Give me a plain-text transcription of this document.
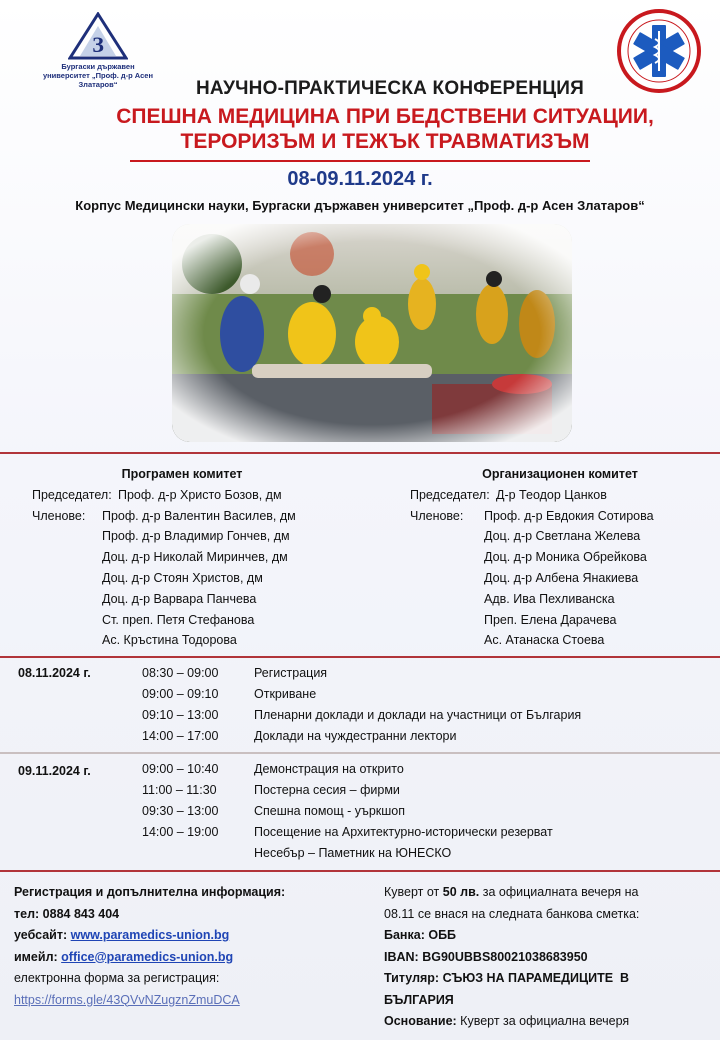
З
Бургаски държавен
университет „Проф. д-р Асен
Златаров“	НАУЧНО-ПРАКТИЧЕСКА КОНФЕРЕНЦИЯ
СПЕШНА МЕДИЦИНА ПРИ БЕДСТВЕНИ СИТУАЦИИ,
ТЕРОРИЗЪМ И ТЕЖЪК ТРАВМАТИЗЪМ
08-09.11.2024 г.
Корпус Медицински науки, Бургаски държавен университет „Проф. д-р Асен Златаров“
Програмен комитет
Председател: Проф. д-р Христо Бозов, дм
Членове:	Проф. д-р Валентин Василев, дм
Проф. д-р Владимир Гончев, дм
Доц. д-р Николай Миринчев, дм
Доц. д-р Стоян Христов, дм
Доц. д-р Варвара Панчева
Ст. преп. Петя Стефанова
Ас. Кръстина Тодорова
Организационен комитет
Председател: Д-р Теодор Цанков
Членове:	Проф. д-р Евдокия Сотирова
Доц. д-р Светлана Желева
Доц. д-р Моника Обрейкова
Доц. д-р Албена Янакиева
Адв. Ива Пехливанска
Преп. Елена Дарачева
Ас. Атанаска Стоева
08.11.2024 г.	08:30 – 09:00	Регистрация
09:00 – 09:10	Откриване
09:10 – 13:00	Пленарни доклади и доклади на участници от България
14:00 – 17:00	Доклади на чуждестранни лектори
09.11.2024 г.	09:00 – 10:40	Демонстрация на открито
11:00 – 11:30	Постерна сесия – фирми
09:30 – 13:00	Спешна помощ - уъркшоп
14:00 – 19:00	Посещение на Архитектурно-исторически резерват
Несебър – Паметник на ЮНЕСКО
Регистрация и допълнителна информация:
тел: 0884 843 404
уебсайт: www.paramedics-union.bg
имейл: office@paramedics-union.bg
електронна форма за регистрация:
https://forms.gle/43QVvNZugznZmuDCA
Куверт от 50 лв. за официалната вечеря на
08.11 се внася на следната банкова сметка:
Банка: ОББ
IBAN: BG90UBBS80021038683950
Титуляр: СЪЮЗ НА ПАРАМЕДИЦИТЕ  В
БЪЛГАРИЯ
Основание: Куверт за официална вечеря
